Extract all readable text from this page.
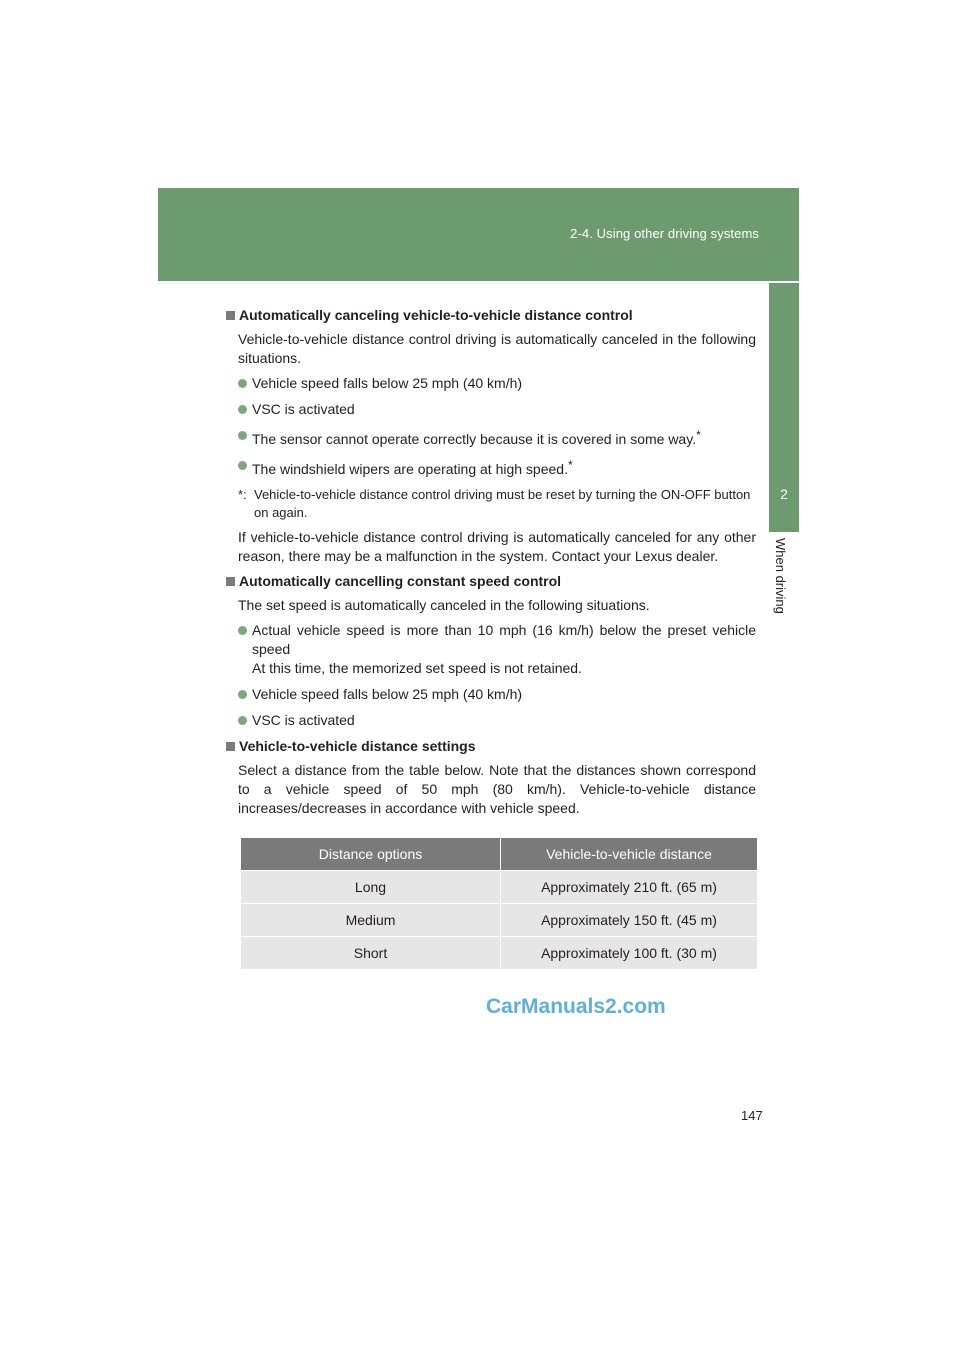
2-4. Using other driving systems
2
When driving
Automatically canceling vehicle-to-vehicle distance control
Vehicle-to-vehicle distance control driving is automatically canceled in the following situations.
Vehicle speed falls below 25 mph (40 km/h)
VSC is activated
The sensor cannot operate correctly because it is covered in some way.*
The windshield wipers are operating at high speed.*
*: Vehicle-to-vehicle distance control driving must be reset by turning the ON-OFF button on again.
If vehicle-to-vehicle distance control driving is automatically canceled for any other reason, there may be a malfunction in the system. Contact your Lexus dealer.
Automatically cancelling constant speed control
The set speed is automatically canceled in the following situations.
Actual vehicle speed is more than 10 mph (16 km/h) below the preset vehicle speed
At this time, the memorized set speed is not retained.
Vehicle speed falls below 25 mph (40 km/h)
VSC is activated
Vehicle-to-vehicle distance settings
Select a distance from the table below. Note that the distances shown correspond to a vehicle speed of 50 mph (80 km/h). Vehicle-to-vehicle distance increases/decreases in accordance with vehicle speed.
Distance options	Vehicle-to-vehicle distance
Long	Approximately 210 ft. (65 m)
Medium	Approximately 150 ft. (45 m)
Short	Approximately 100 ft. (30 m)
CarManuals2.com
147
